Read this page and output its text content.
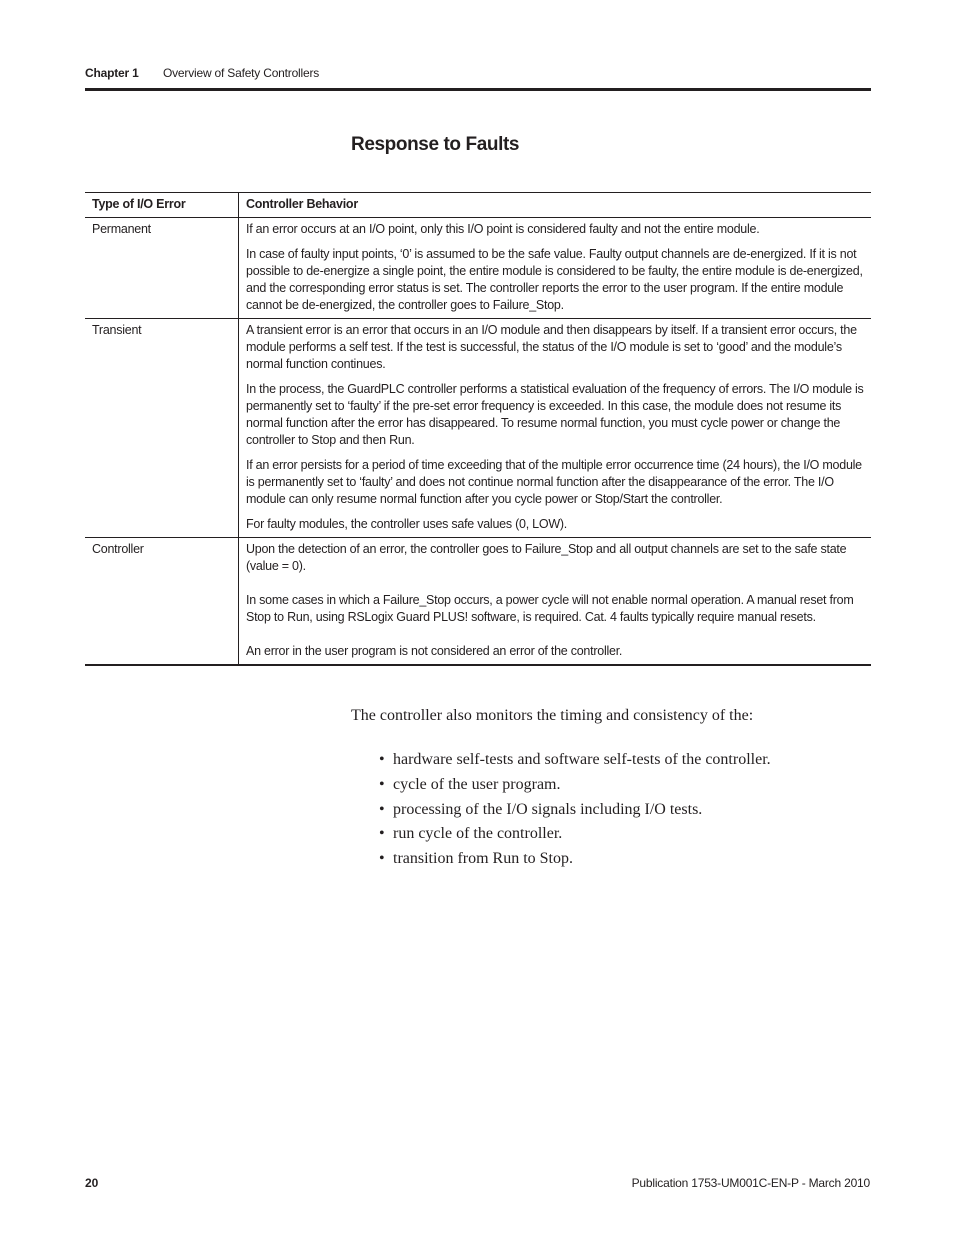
Chapter 1 Overview of Safety Controllers
Response to Faults
Type of I/O Error	Controller Behavior
Permanent	If an error occurs at an I/O point, only this I/O point is considered faulty and not the entire module.

In case of faulty input points, ‘0’ is assumed to be the safe value. Faulty output channels are de-energized. If it is not possible to de-energize a single point, the entire module is considered to be faulty, the entire module is de-energized, and the corresponding error status is set. The controller reports the error to the user program. If the entire module cannot be de-energized, the controller goes to Failure_Stop.

Transient	A transient error is an error that occurs in an I/O module and then disappears by itself. If a transient error occurs, the module performs a self test. If the test is successful, the status of the I/O module is set to ‘good’ and the module’s normal function continues.

In the process, the GuardPLC controller performs a statistical evaluation of the frequency of errors. The I/O module is permanently set to ‘faulty’ if the pre-set error frequency is exceeded. In this case, the module does not resume its normal function after the error has disappeared. To resume normal function, you must cycle power or change the controller to Stop and then Run.

If an error persists for a period of time exceeding that of the multiple error occurrence time (24 hours), the I/O module is permanently set to ‘faulty’ and does not continue normal function after the disappearance of the error. The I/O module can only resume normal function after you cycle power or Stop/Start the controller.

For faulty modules, the controller uses safe values (0, LOW).

Controller	Upon the detection of an error, the controller goes to Failure_Stop and all output channels are set to the safe state (value = 0).

In some cases in which a Failure_Stop occurs, a power cycle will not enable normal operation. A manual reset from Stop to Run, using RSLogix Guard PLUS! software, is required. Cat. 4 faults typically require manual resets.

An error in the user program is not considered an error of the controller.

The controller also monitors the timing and consistency of the:
• hardware self-tests and software self-tests of the controller.
• cycle of the user program.
• processing of the I/O signals including I/O tests.
• run cycle of the controller.
• transition from Run to Stop.
20	Publication 1753-UM001C-EN-P - March 2010
